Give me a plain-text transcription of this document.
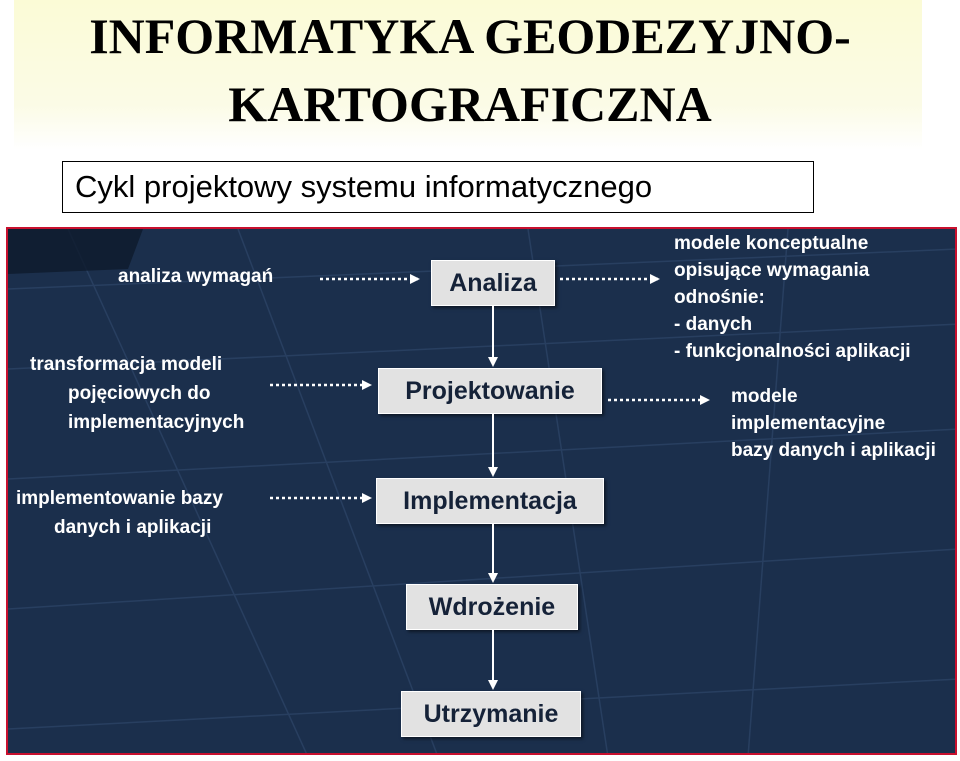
INFORMATYKA GEODEZYJNO-
KARTOGRAFICZNA
Cykl projektowy systemu informatycznego
Analiza
Projektowanie
Implementacja
Wdrożenie
Utrzymanie
analiza wymagań
transformacja modeli
pojęciowych do
implementacyjnych
implementowanie bazy
danych i aplikacji
modele konceptualne
opisujące wymagania
odnośnie:
- danych
- funkcjonalności aplikacji
modele
implementacyjne
bazy danych i aplikacji
